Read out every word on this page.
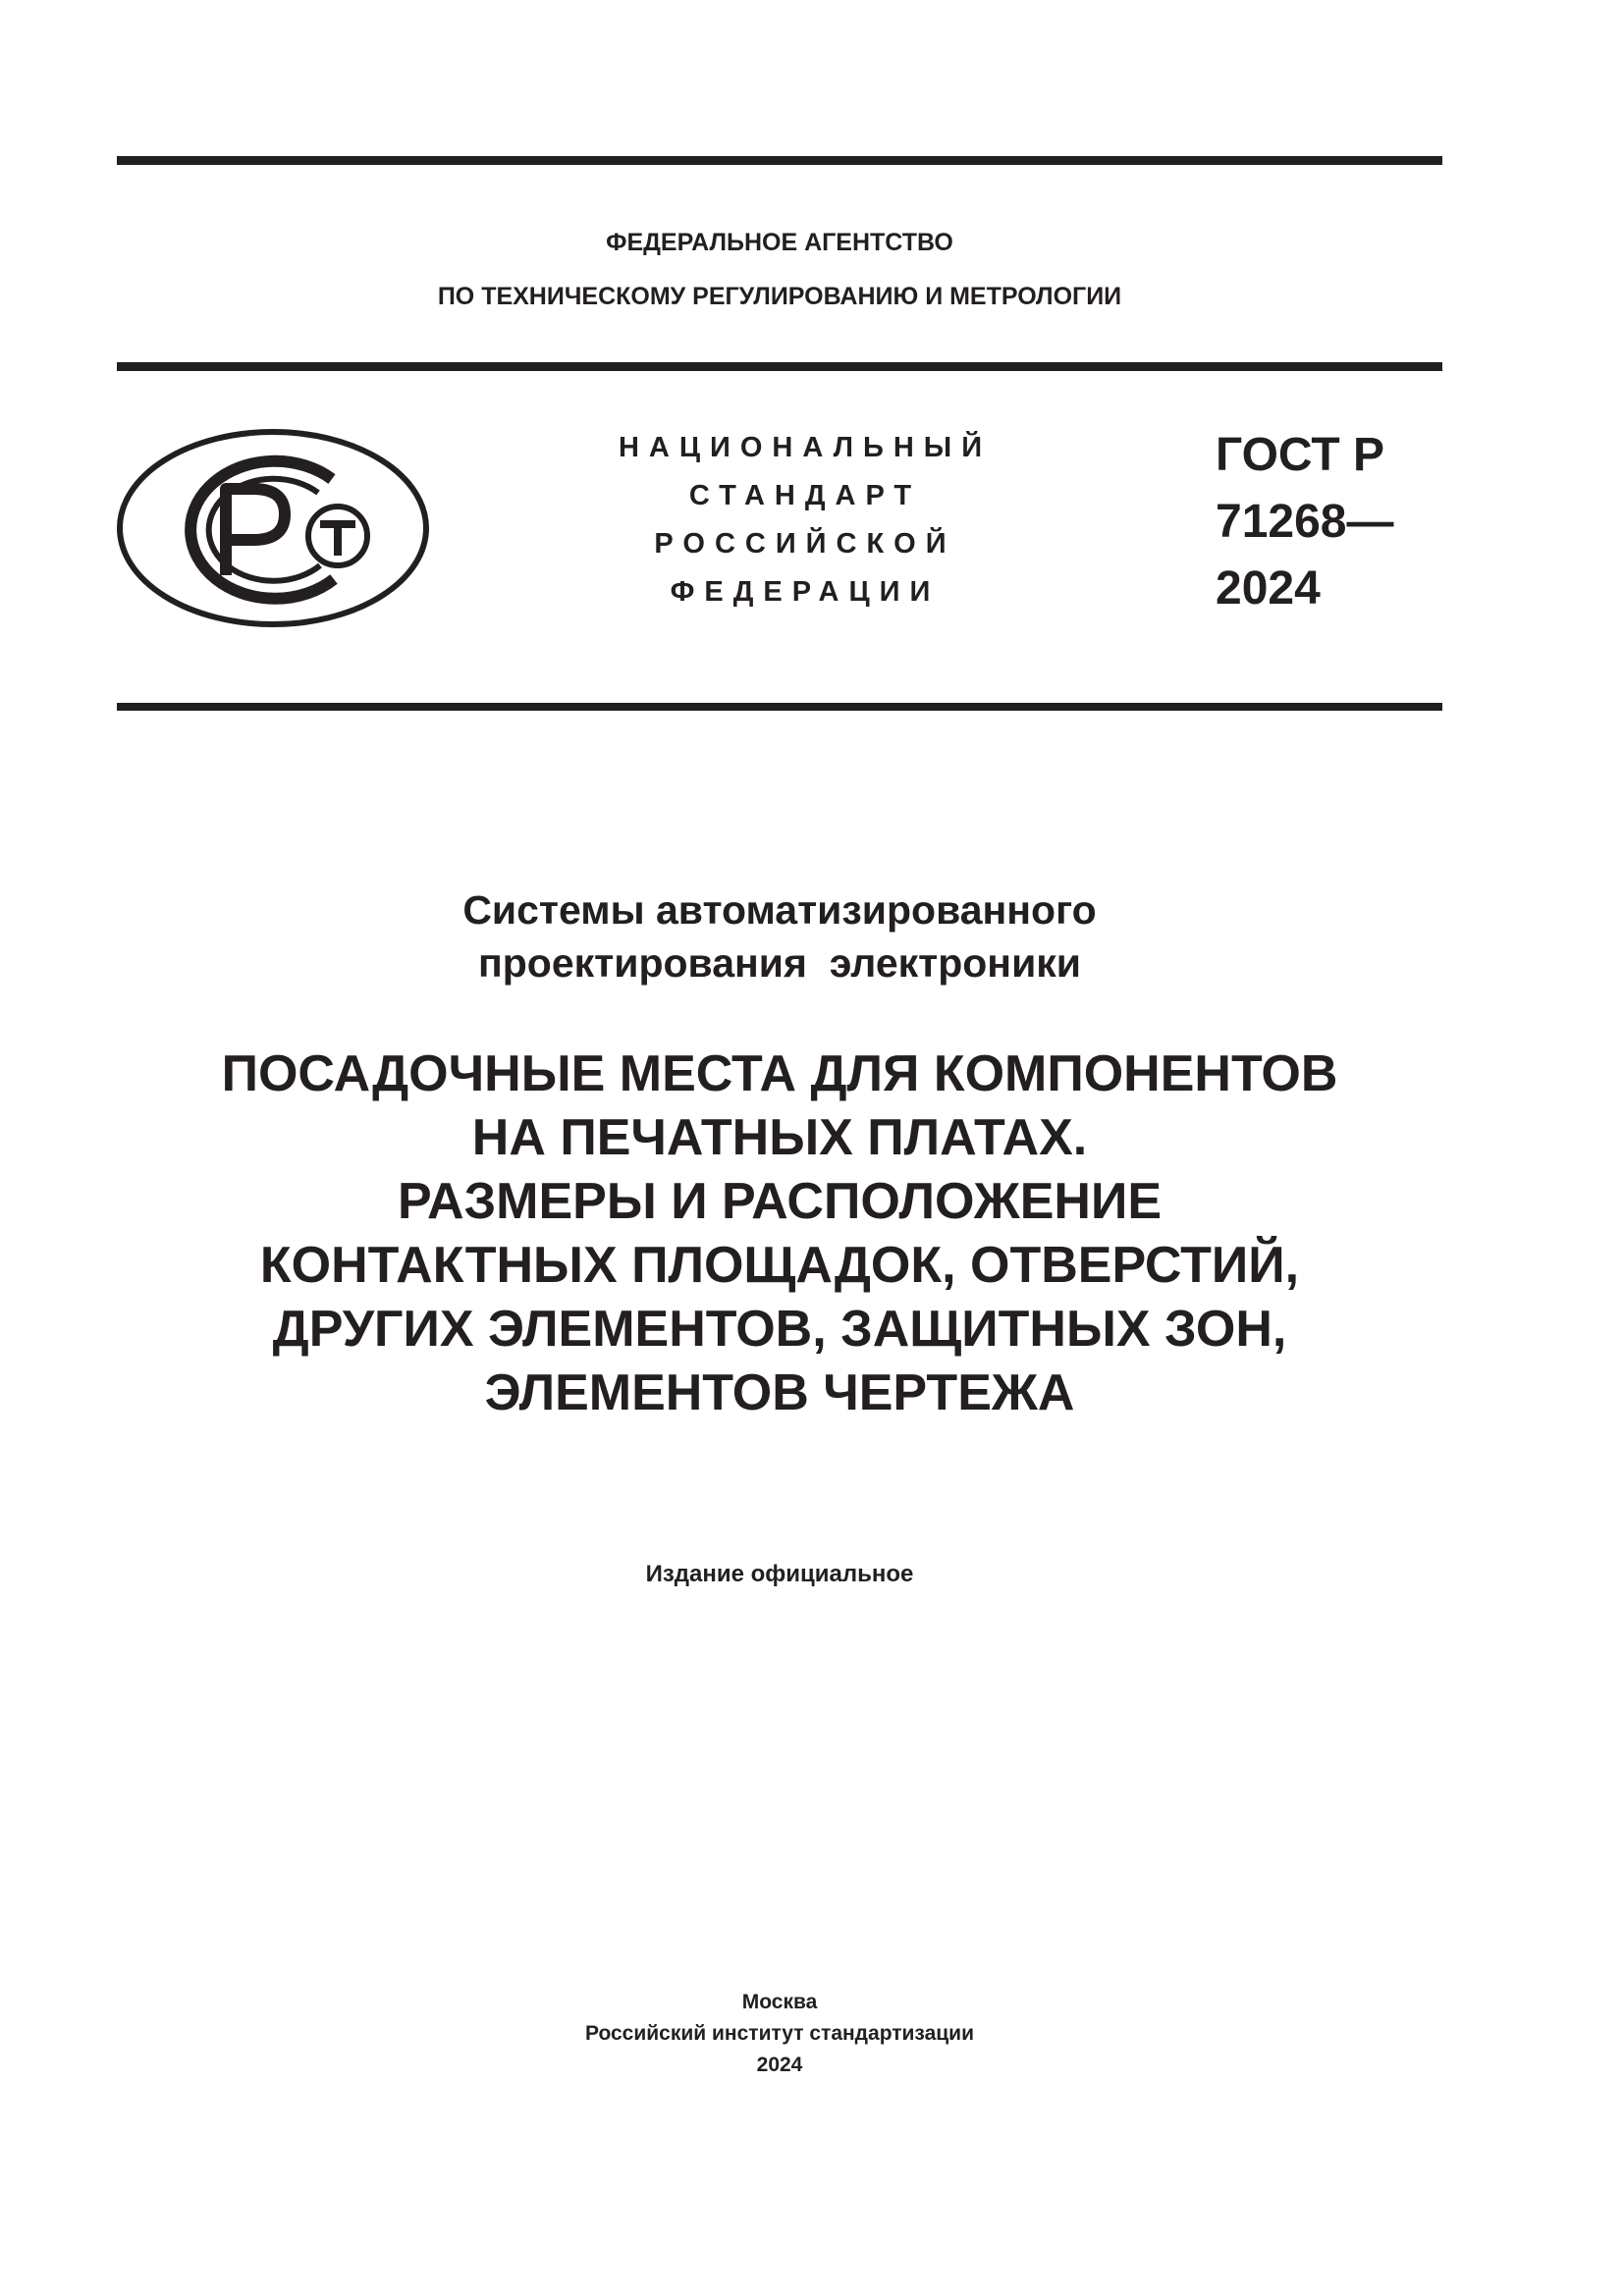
ФЕДЕРАЛЬНОЕ АГЕНТСТВО
ПО ТЕХНИЧЕСКОМУ РЕГУЛИРОВАНИЮ И МЕТРОЛОГИИ
НАЦИОНАЛЬНЫЙ
СТАНДАРТ
РОССИЙСКОЙ
ФЕДЕРАЦИИ
ГОСТ Р
71268—
2024
Системы автоматизированного
проектирования  электроники
ПОСАДОЧНЫЕ МЕСТА ДЛЯ КОМПОНЕНТОВ
НА ПЕЧАТНЫХ ПЛАТАХ.
РАЗМЕРЫ И РАСПОЛОЖЕНИЕ
КОНТАКТНЫХ ПЛОЩАДОК, ОТВЕРСТИЙ,
ДРУГИХ ЭЛЕМЕНТОВ, ЗАЩИТНЫХ ЗОН,
ЭЛЕМЕНТОВ ЧЕРТЕЖА
Издание официальное
Москва
Российский институт стандартизации
2024
